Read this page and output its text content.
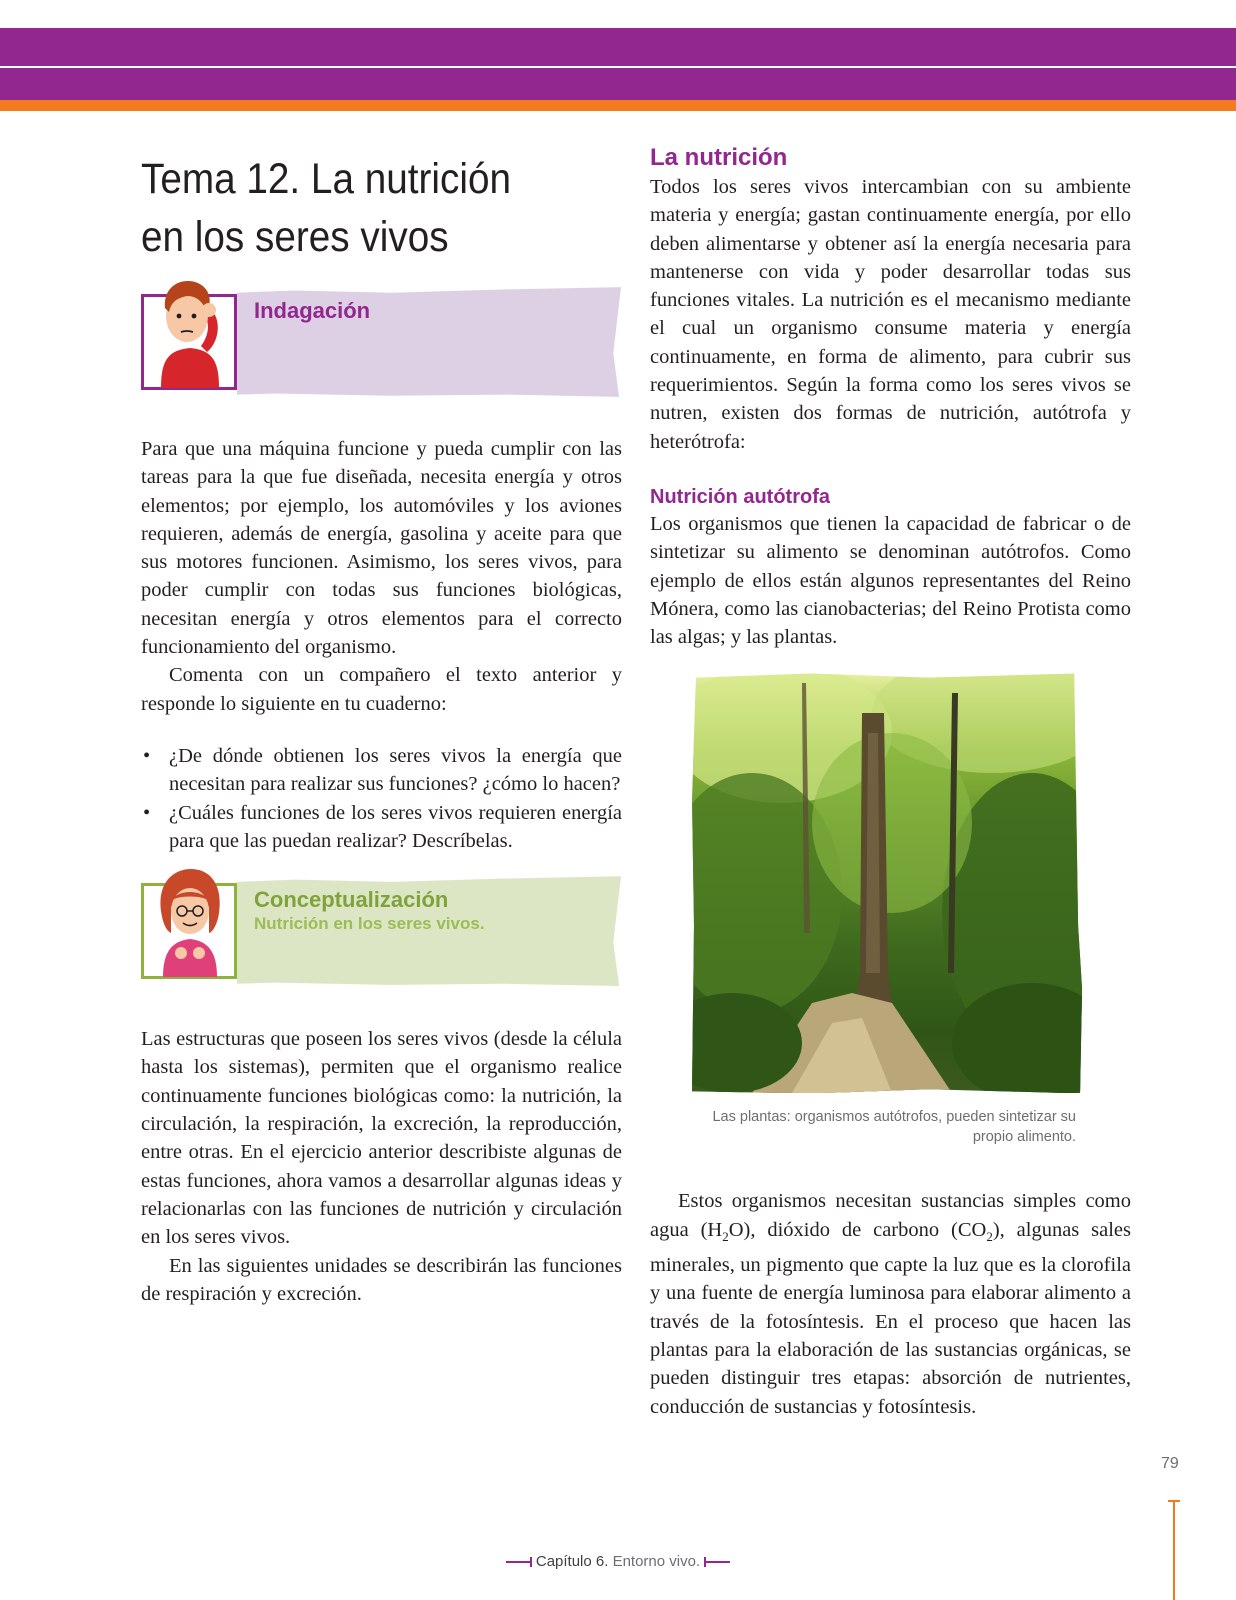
Tema 12. La nutrición
en los seres vivos
Indagación

Para que una máquina funcione y pueda cumplir con las tareas para la que fue diseñada, necesita energía y otros elementos; por ejemplo, los automóviles y los aviones requieren, además de energía, gasolina y aceite para que sus motores funcionen. Asimismo, los seres vivos, para poder cumplir con todas sus funciones biológicas, necesitan energía y otros elementos para el correcto funcionamiento del organismo.

Comenta con un compañero el texto anterior y responde lo siguiente en tu cuaderno:

• ¿De dónde obtienen los seres vivos la energía que necesitan para realizar sus funciones? ¿cómo lo hacen?
• ¿Cuáles funciones de los seres vivos requieren energía para que las puedan realizar? Descríbelas.
Conceptualización
Nutrición en los seres vivos.

Las estructuras que poseen los seres vivos (desde la célula hasta los sistemas), permiten que el organismo realice continuamente funciones biológicas como: la nutrición, la circulación, la respiración, la excreción, la reproducción, entre otras. En el ejercicio anterior describiste algunas de estas funciones, ahora vamos a desarrollar algunas ideas y relacionarlas con las funciones de nutrición y circulación en los seres vivos.

En las siguientes unidades se describirán las funciones de respiración y excreción.

La nutrición

Todos los seres vivos intercambian con su ambiente materia y energía; gastan continuamente energía, por ello deben alimentarse y obtener así la energía necesaria para mantenerse con vida y poder desarrollar todas sus funciones vitales. La nutrición es el mecanismo mediante el cual un organismo consume materia y energía continuamente, en forma de alimento, para cubrir sus requerimientos. Según la forma como los seres vivos se nutren, existen dos formas de nutrición, autótrofa y heterótrofa:

Nutrición autótrofa

Los organismos que tienen la capacidad de fabricar o de sintetizar su alimento se denominan autótrofos. Como ejemplo de ellos están algunos representantes del Reino Mónera, como las cianobacterias; del Reino Protista como las algas; y las plantas.

Las plantas: organismos autótrofos, pueden sintetizar su propio alimento.

Estos organismos necesitan sustancias simples como agua $(H_2O)$, dióxido de carbono $(CO_2)$, algunas sales minerales, un pigmento que capte la luz que es la clorofila y una fuente de energía luminosa para elaborar alimento a través de la fotosíntesis. En el proceso que hacen las plantas para la elaboración de las sustancias orgánicas, se pueden distinguir tres etapas: absorción de nutrientes, conducción de sustancias y fotosíntesis.

79
Capítulo 6. Entorno vivo.
